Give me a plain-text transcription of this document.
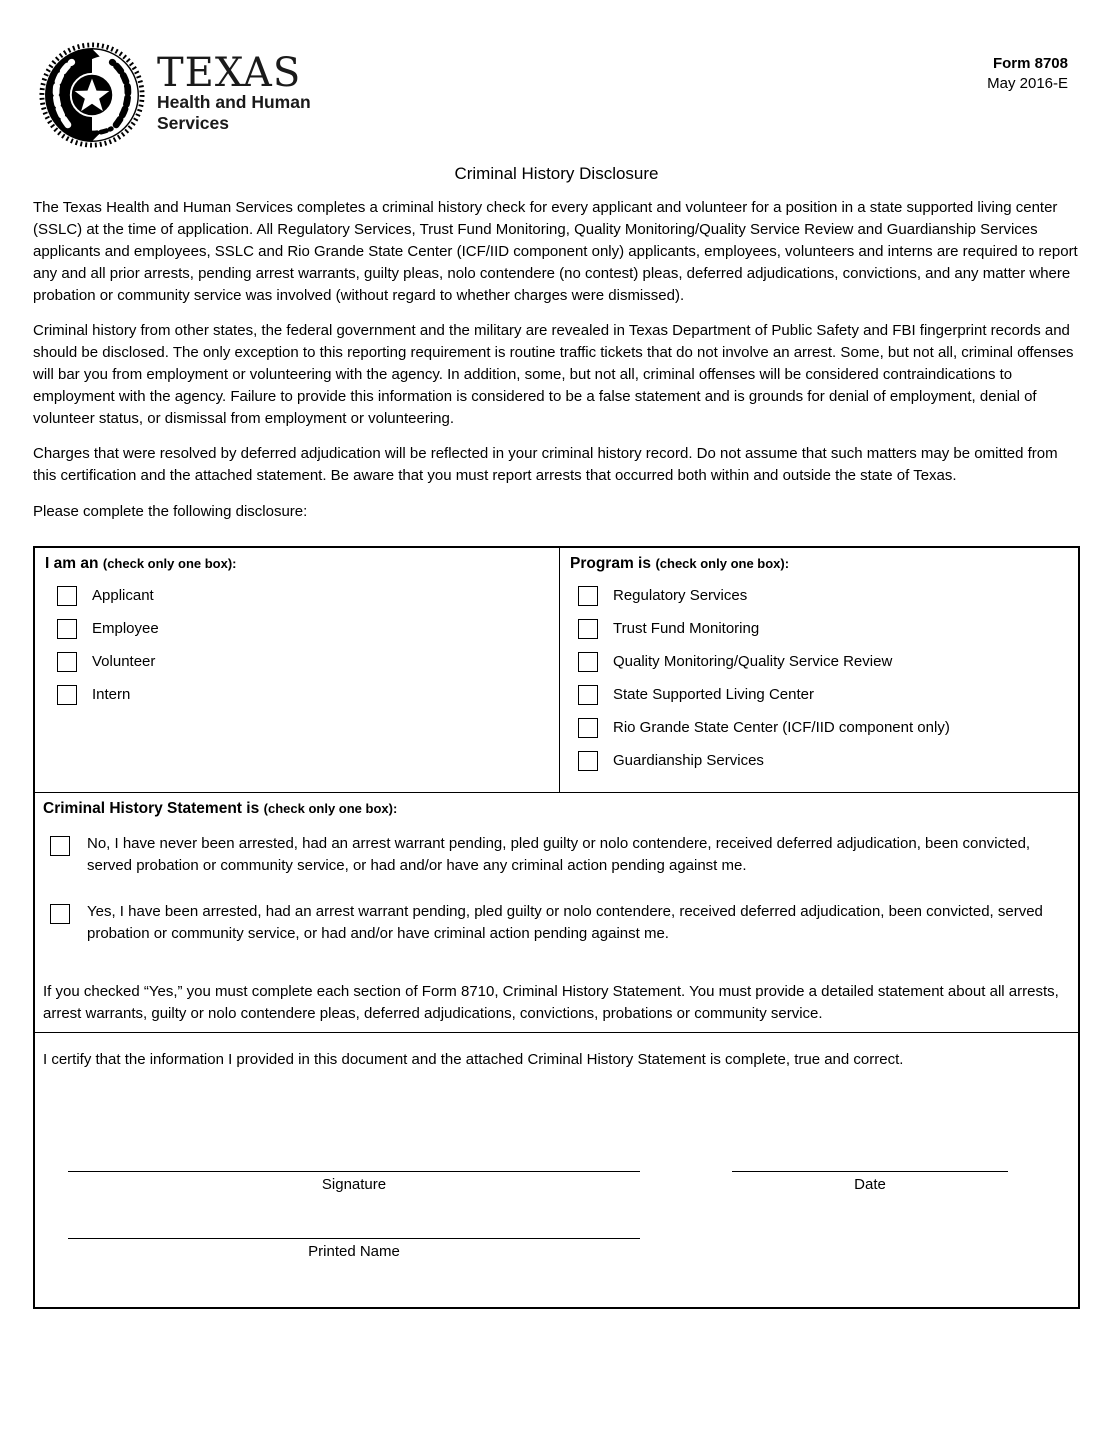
TEXAS
Health and Human
Services
Form 8708
May 2016-E
Criminal History Disclosure

The Texas Health and Human Services completes a criminal history check for every applicant and volunteer for a position in a state supported living center (SSLC) at the time of application. All Regulatory Services, Trust Fund Monitoring, Quality Monitoring/Quality Service Review and Guardianship Services applicants and employees, SSLC and Rio Grande State Center (ICF/IID component only) applicants, employees, volunteers and interns are required to report any and all prior arrests, pending arrest warrants, guilty pleas, nolo contendere (no contest) pleas, deferred adjudications, convictions, and any matter where probation or community service was involved (without regard to whether charges were dismissed).

Criminal history from other states, the federal government and the military are revealed in Texas Department of Public Safety and FBI fingerprint records and should be disclosed. The only exception to this reporting requirement is routine traffic tickets that do not involve an arrest. Some, but not all, criminal offenses will bar you from employment or volunteering with the agency. In addition, some, but not all, criminal offenses will be considered contraindications to employment with the agency. Failure to provide this information is considered to be a false statement and is grounds for denial of employment, denial of volunteer status, or dismissal from employment or volunteering.

Charges that were resolved by deferred adjudication will be reflected in your criminal history record. Do not assume that such matters may be omitted from this certification and the attached statement. Be aware that you must report arrests that occurred both within and outside the state of Texas.

Please complete the following disclosure:

I am an (check only one box):
Applicant
Employee
Volunteer
Intern
Program is (check only one box):
Regulatory Services
Trust Fund Monitoring
Quality Monitoring/Quality Service Review
State Supported Living Center
Rio Grande State Center (ICF/IID component only)
Guardianship Services
Criminal History Statement is (check only one box):
No, I have never been arrested, had an arrest warrant pending, pled guilty or nolo contendere, received deferred adjudication, been convicted, served probation or community service, or had and/or have any criminal action pending against me.
Yes, I have been arrested, had an arrest warrant pending, pled guilty or nolo contendere, received deferred adjudication, been convicted, served probation or community service, or had and/or have criminal action pending against me.

If you checked “Yes,” you must complete each section of Form 8710, Criminal History Statement. You must provide a detailed statement about all arrests, arrest warrants, guilty or nolo contendere pleas, deferred adjudications, convictions, probations or community service.

I certify that the information I provided in this document and the attached Criminal History Statement is complete, true and correct.

Signature	Date
Printed Name
